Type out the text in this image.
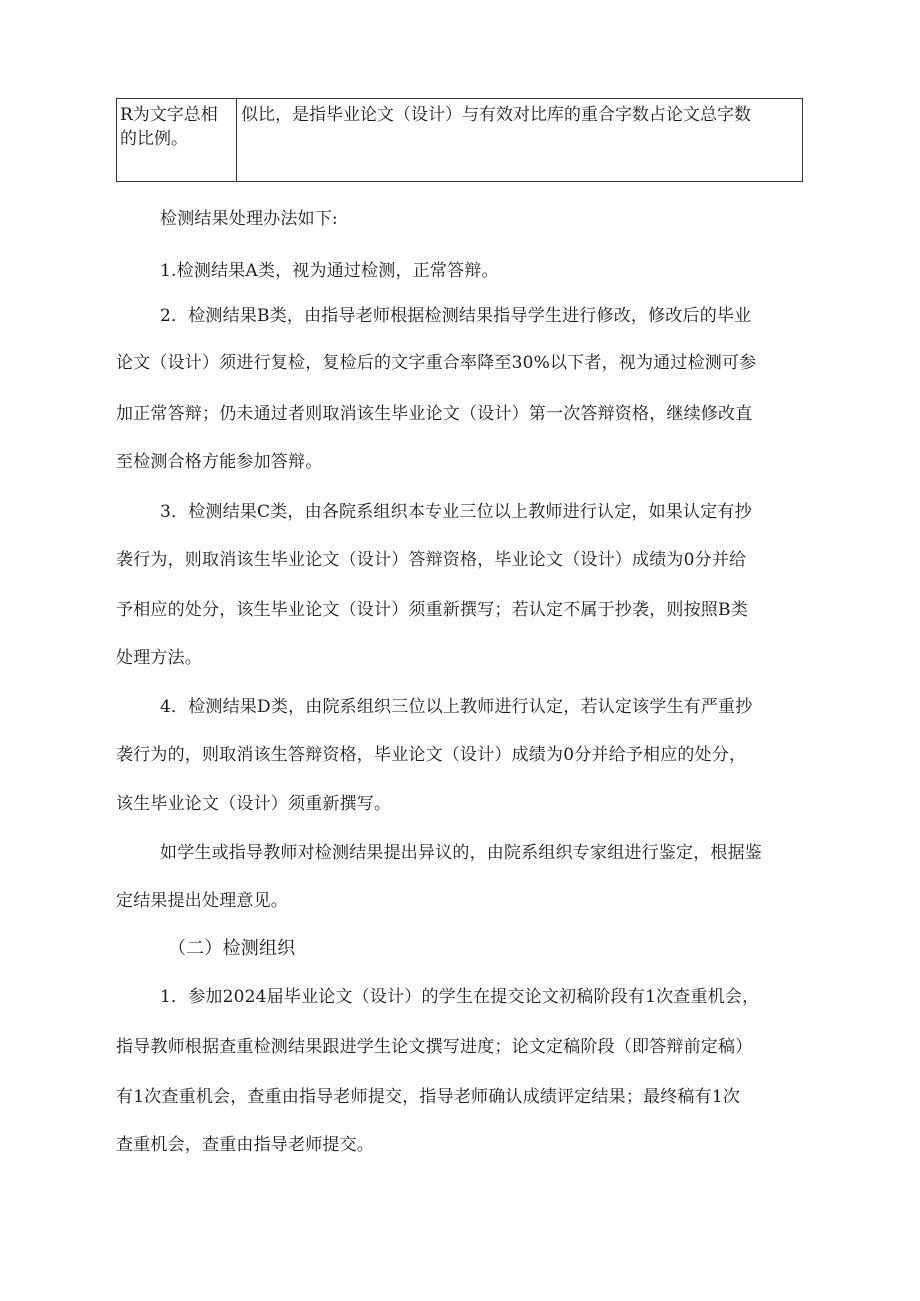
R为文字总相
的比例。
似比，是指毕业论文（设计）与有效对比库的重合字数占论文总字数
检测结果处理办法如下:
1.检测结果A类，视为通过检测，正常答辩。
2．检测结果B类，由指导老师根据检测结果指导学生进行修改，修改后的毕业
论文（设计）须进行复检，复检后的文字重合率降至30%以下者，视为通过检测可参
加正常答辩；仍未通过者则取消该生毕业论文（设计）第一次答辩资格，继续修改直
至检测合格方能参加答辩。
3．检测结果C类，由各院系组织本专业三位以上教师进行认定，如果认定有抄
袭行为，则取消该生毕业论文（设计）答辩资格，毕业论文（设计）成绩为0分并给
予相应的处分，该生毕业论文（设计）须重新撰写；若认定不属于抄袭，则按照B类
处理方法。
4．检测结果D类，由院系组织三位以上教师进行认定，若认定该学生有严重抄
袭行为的，则取消该生答辩资格，毕业论文（设计）成绩为0分并给予相应的处分，
该生毕业论文（设计）须重新撰写。
如学生或指导教师对检测结果提出异议的，由院系组织专家组进行鉴定，根据鉴
定结果提出处理意见。
（二）检测组织
1．参加2024届毕业论文（设计）的学生在提交论文初稿阶段有1次查重机会，
指导教师根据查重检测结果跟进学生论文撰写进度；论文定稿阶段（即答辩前定稿）
有1次查重机会，查重由指导老师提交，指导老师确认成绩评定结果；最终稿有1次
查重机会，查重由指导老师提交。
